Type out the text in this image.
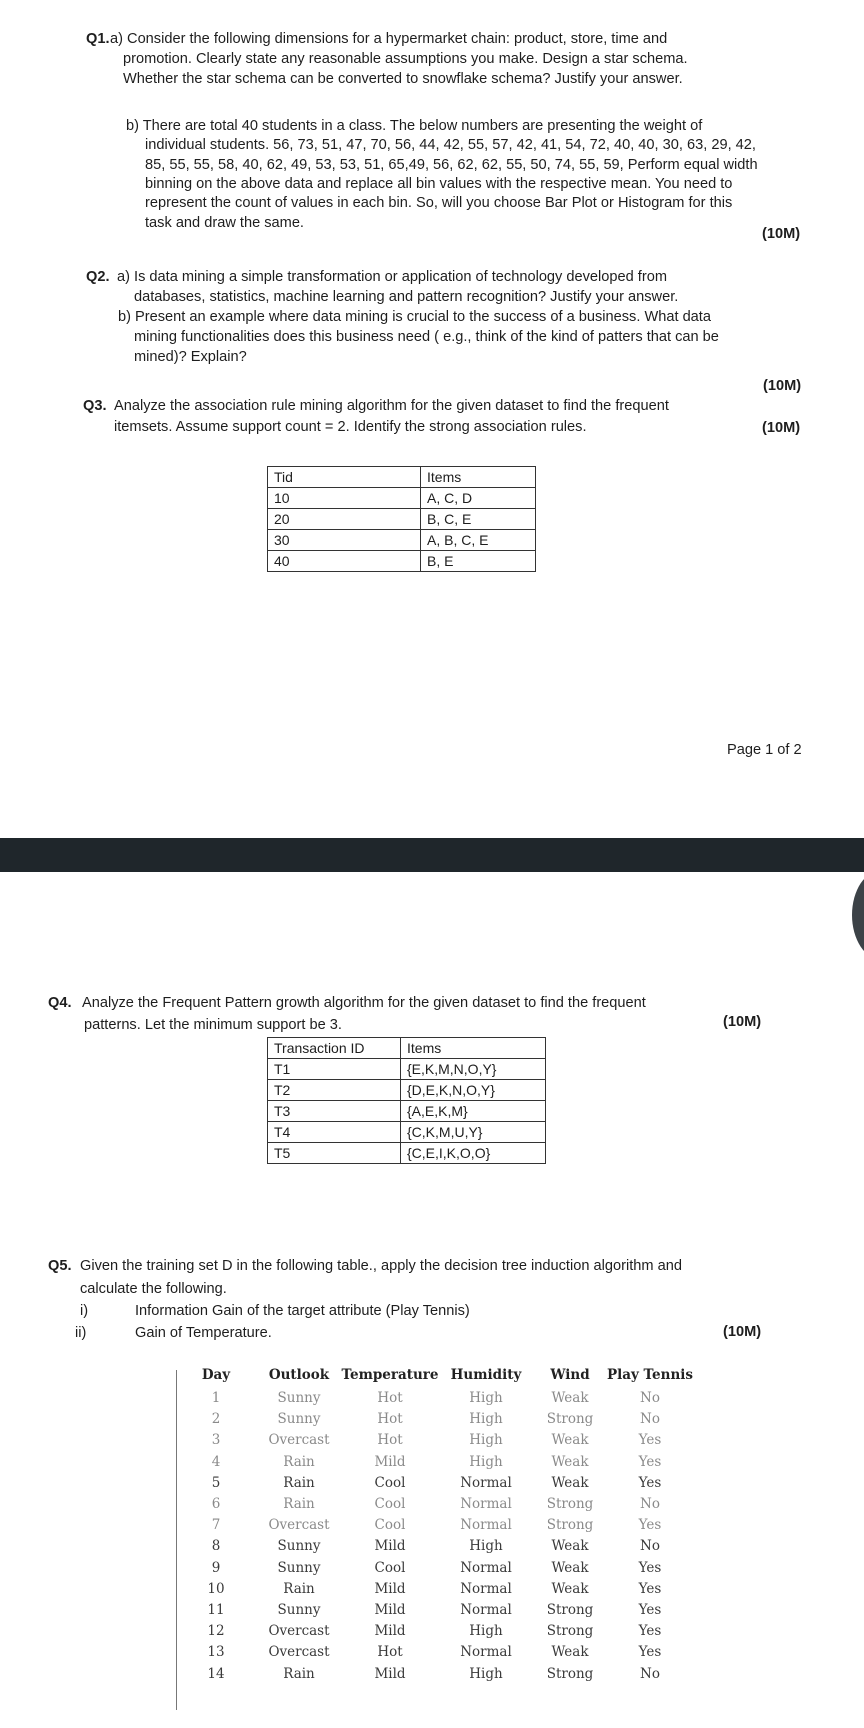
Q1. a) Consider the following dimensions for a hypermarket chain: product, store, time and
promotion. Clearly state any reasonable assumptions you make. Design a star schema.
Whether the star schema can be converted to snowflake schema? Justify your answer.
b) There are total 40 students in a class. The below numbers are presenting the weight of
individual students. 56, 73, 51, 47, 70, 56, 44, 42, 55, 57, 42, 41, 54, 72, 40, 40, 30, 63, 29, 42,
85, 55, 55, 58, 40, 62, 49, 53, 53, 51, 65,49, 56, 62, 62, 55, 50, 74, 55, 59, Perform equal width
binning on the above data and replace all bin values with the respective mean. You need to
represent the count of values in each bin. So, will you choose Bar Plot or Histogram for this
task and draw the same.
(10M)
Q2. a) Is data mining a simple transformation or application of technology developed from
databases, statistics, machine learning and pattern recognition? Justify your answer.
b) Present an example where data mining is crucial to the success of a business. What data
mining functionalities does this business need ( e.g., think of the kind of patters that can be
mined)? Explain?
(10M)
Q3. Analyze the association rule mining algorithm for the given dataset to find the frequent
itemsets. Assume support count = 2. Identify the strong association rules.	(10M)
Tid	Items
10	A, C, D
20	B, C, E
30	A, B, C, E
40	B, E
Page 1 of 2
Q4. Analyze the Frequent Pattern growth algorithm for the given dataset to find the frequent
patterns. Let the minimum support be 3.	(10M)
Transaction ID	Items
T1	{E,K,M,N,O,Y}
T2	{D,E,K,N,O,Y}
T3	{A,E,K,M}
T4	{C,K,M,U,Y}
T5	{C,E,I,K,O,O}
Q5. Given the training set D in the following table., apply the decision tree induction algorithm and
calculate the following.
i)	Information Gain of the target attribute (Play Tennis)
ii)	Gain of Temperature.	(10M)
Day	Outlook Temperature Humidity	Wind	Play Tennis
1	Sunny	Hot	High	Weak	No
2	Sunny	Hot	High	Strong	No
3	Overcast	Hot	High	Weak	Yes
4	Rain	Mild	High	Weak	Yes
5	Rain	Cool	Normal	Weak	Yes
6	Rain	Cool	Normal	Strong	No
7	Overcast	Cool	Normal	Strong	Yes
8	Sunny	Mild	High	Weak	No
9	Sunny	Cool	Normal	Weak	Yes
10	Rain	Mild	Normal	Weak	Yes
11	Sunny	Mild	Normal	Strong	Yes
12	Overcast	Mild	High	Strong	Yes
13	Overcast	Hot	Normal	Weak	Yes
14	Rain	Mild	High	Strong	No
